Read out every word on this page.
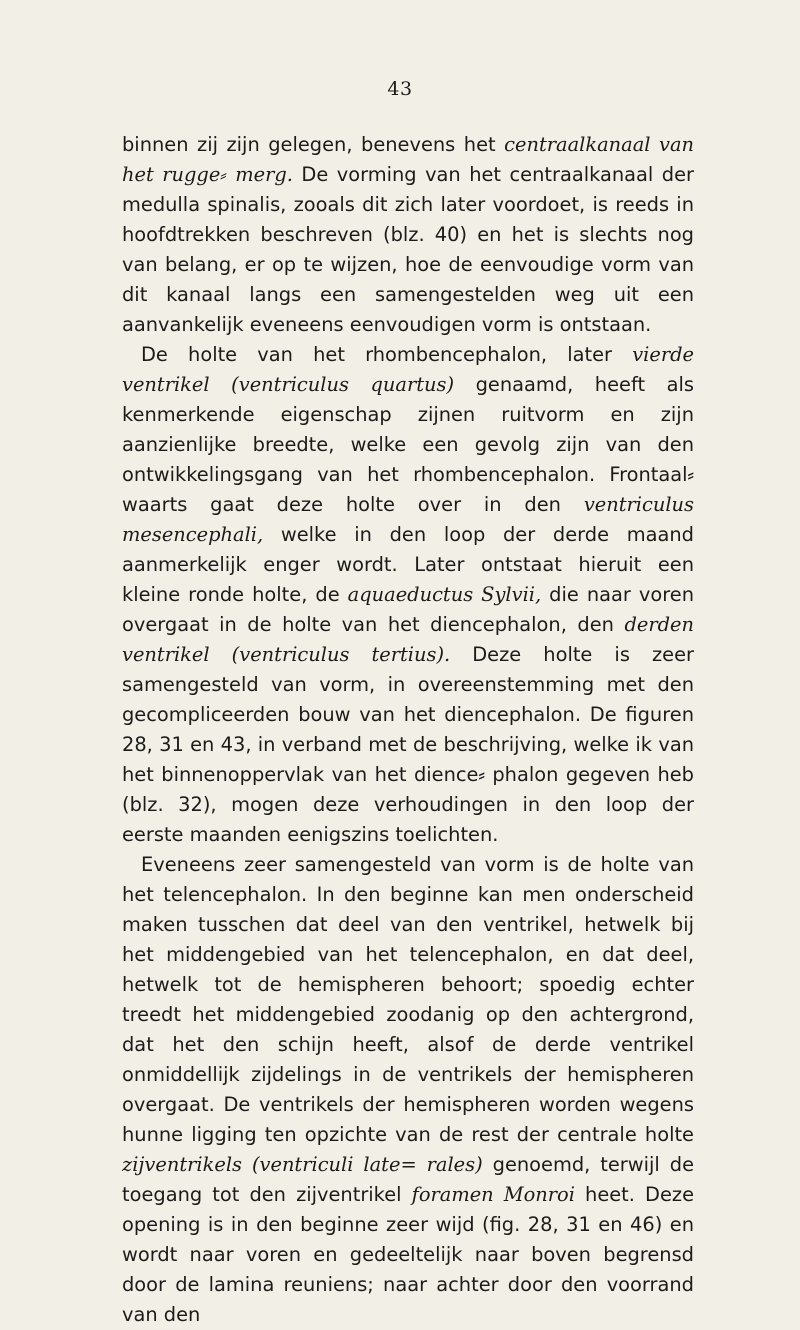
43

binnen zij zijn gelegen, benevens het centraalkanaal van het rugge⸗ merg. De vorming van het centraalkanaal der medulla spinalis, zooals dit zich later voordoet, is reeds in hoofdtrekken beschreven (blz. 40) en het is slechts nog van belang, er op te wijzen, hoe de eenvoudige vorm van dit kanaal langs een samengestelden weg uit een aanvankelijk eveneens eenvoudigen vorm is ontstaan.

De holte van het rhombencephalon, later vierde ventrikel (ventriculus quartus) genaamd, heeft als kenmerkende eigenschap zijnen ruitvorm en zijn aanzienlijke breedte, welke een gevolg zijn van den ontwikkelingsgang van het rhombencephalon. Frontaal⸗ waarts gaat deze holte over in den ventriculus mesencephali, welke in den loop der derde maand aanmerkelijk enger wordt. Later ontstaat hieruit een kleine ronde holte, de aquaeductus Sylvii, die naar voren overgaat in de holte van het diencephalon, den derden ventrikel (ventriculus tertius). Deze holte is zeer samengesteld van vorm, in overeenstemming met den gecompliceerden bouw van het diencephalon. De figuren 28, 31 en 43, in verband met de beschrijving, welke ik van het binnenoppervlak van het dience⸗ phalon gegeven heb (blz. 32), mogen deze verhoudingen in den loop der eerste maanden eenigszins toelichten.

Eveneens zeer samengesteld van vorm is de holte van het telencephalon. In den beginne kan men onderscheid maken tusschen dat deel van den ventrikel, hetwelk bij het middengebied van het telencephalon, en dat deel, hetwelk tot de hemispheren behoort; spoedig echter treedt het middengebied zoodanig op den achtergrond, dat het den schijn heeft, alsof de derde ventrikel onmiddellijk zijdelings in de ventrikels der hemispheren overgaat. De ventrikels der hemispheren worden wegens hunne ligging ten opzichte van de rest der centrale holte zijventrikels (ventriculi late= rales) genoemd, terwijl de toegang tot den zijventrikel foramen Monroi heet. Deze opening is in den beginne zeer wijd (fig. 28, 31 en 46) en wordt naar voren en gedeeltelijk naar boven begrensd door de lamina reuniens; naar achter door den voorrand van den
